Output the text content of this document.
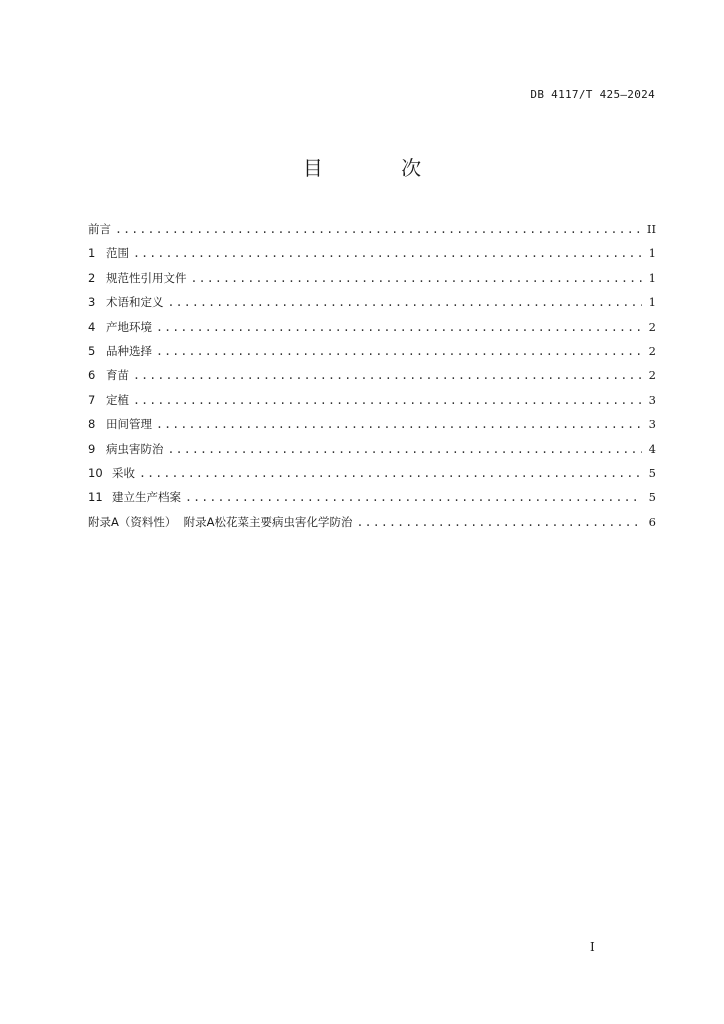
DB 4117/T 425—2024
目 次
前言 .....	II
1 范围 .....	1
2 规范性引用文件 .....	1
3 术语和定义 .....	1
4 产地环境 .....	2
5 品种选择 .....	2
6 育苗 .....	2
7 定植 .....	3
8 田间管理 .....	3
9 病虫害防治 .....	4
10 采收 .....	5
11 建立生产档案 .....	5
附录A（资料性）  附录A松花菜主要病虫害化学防治 .....	6
I
